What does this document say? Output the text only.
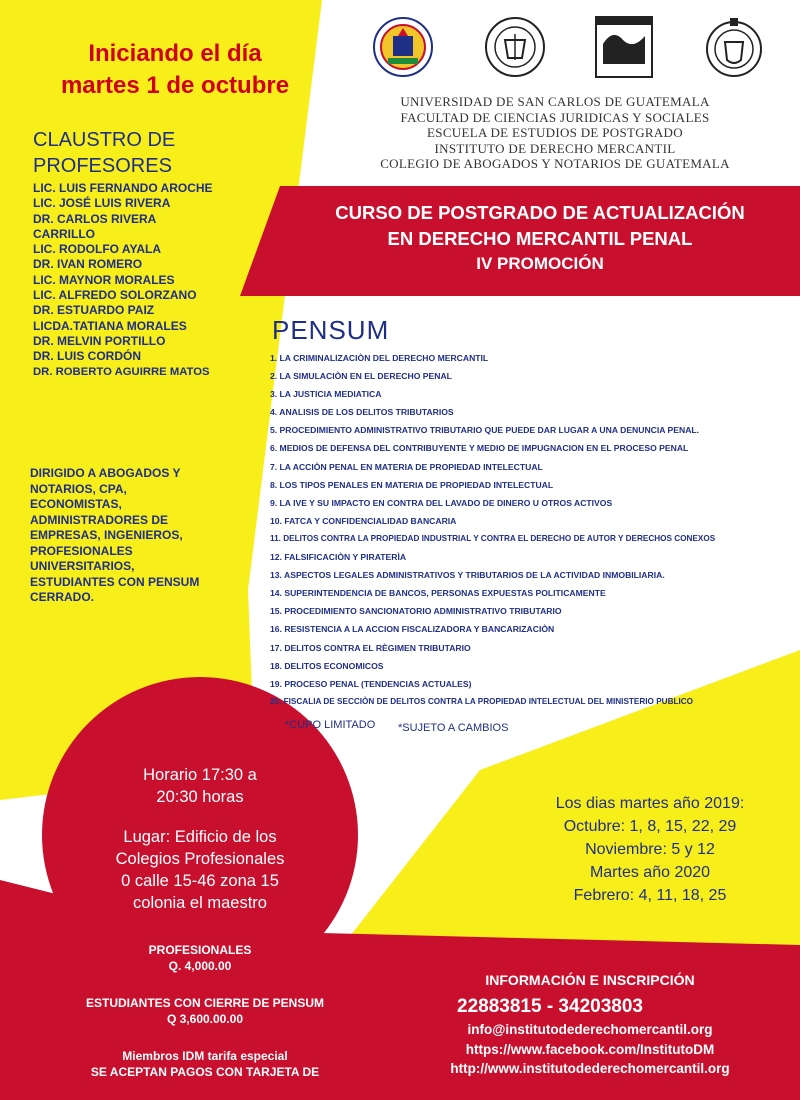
Iniciando el día
martes 1 de octubre
UNIVERSIDAD DE SAN CARLOS DE GUATEMALA
FACULTAD DE CIENCIAS JURIDICAS Y SOCIALES
ESCUELA DE ESTUDIOS DE POSTGRADO
INSTITUTO DE DERECHO MERCANTIL
COLEGIO DE ABOGADOS Y NOTARIOS DE GUATEMALA
CURSO DE POSTGRADO DE ACTUALIZACIÓN
EN DERECHO MERCANTIL PENAL
IV PROMOCIÓN
CLAUSTRO DE
PROFESORES
LIC. LUIS FERNANDO AROCHE
LIC. JOSÉ LUIS RIVERA
DR. CARLOS RIVERA
CARRILLO
LIC. RODOLFO AYALA
DR. IVAN ROMERO
LIC. MAYNOR MORALES
LIC. ALFREDO SOLORZANO
DR. ESTUARDO PAIZ
LICDA.TATIANA MORALES
DR. MELVIN PORTILLO
DR. LUIS CORDÓN
DR. ROBERTO AGUIRRE MATOS
DIRIGIDO A ABOGADOS Y
NOTARIOS, CPA,
ECONOMISTAS,
ADMINISTRADORES DE
EMPRESAS, INGENIEROS,
PROFESIONALES
UNIVERSITARIOS,
ESTUDIANTES CON PENSUM
CERRADO.
PENSUM
1. LA CRIMINALIZACIÒN DEL DERECHO MERCANTIL
2. LA SIMULACIÒN EN EL DERECHO PENAL
3. LA JUSTICIA MEDIATICA
4. ANALISIS DE LOS DELITOS TRIBUTARIOS
5. PROCEDIMIENTO ADMINISTRATIVO TRIBUTARIO QUE PUEDE DAR LUGAR A UNA DENUNCIA PENAL.
6. MEDIOS DE DEFENSA DEL CONTRIBUYENTE Y MEDIO DE IMPUGNACION EN EL PROCESO PENAL
7. LA ACCIÒN PENAL EN MATERIA DE PROPIEDAD INTELECTUAL
8. LOS TIPOS PENALES EN MATERIA DE PROPIEDAD INTELECTUAL
9. LA IVE Y SU IMPACTO EN CONTRA DEL LAVADO DE DINERO U OTROS ACTIVOS
10. FATCA Y CONFIDENCIALIDAD BANCARIA
11. DELITOS CONTRA LA PROPIEDAD INDUSTRIAL Y CONTRA EL DERECHO DE AUTOR Y DERECHOS CONEXOS
12. FALSIFICACIÒN Y PIRATERÌA
13. ASPECTOS LEGALES ADMINISTRATIVOS Y TRIBUTARIOS DE LA ACTIVIDAD INMOBILIARIA.
14. SUPERINTENDENCIA DE BANCOS, PERSONAS EXPUESTAS POLITICAMENTE
15. PROCEDIMIENTO SANCIONATORIO ADMINISTRATIVO TRIBUTARIO
16. RESISTENCIA A LA ACCION FISCALIZADORA Y BANCARIZACIÒN
17. DELITOS CONTRA EL RÈGIMEN TRIBUTARIO
18. DELITOS ECONOMICOS
19. PROCESO PENAL (TENDENCIAS ACTUALES)
20. FISCALIA DE SECCIÒN DE DELITOS CONTRA LA PROPIEDAD INTELECTUAL DEL MINISTERIO PUBLICO
*CUPO LIMITADO *SUJETO A CAMBIOS
Horario 17:30 a
20:30 horas
Lugar: Edificio de los
Colegios Profesionales
0 calle 15-46 zona 15
colonia el maestro
Los dias martes año 2019:
Octubre: 1, 8, 15, 22, 29
Noviembre: 5 y 12
Martes año 2020
Febrero: 4, 11, 18, 25
PROFESIONALES
Q. 4,000.00
ESTUDIANTES CON CIERRE DE PENSUM
Q 3,600.00.00
Miembros IDM tarifa especial
SE ACEPTAN PAGOS CON TARJETA DE
INFORMACIÓN E INSCRIPCIÓN
22883815 - 34203803
info@institutodederechomercantil.org
https://www.facebook.com/InstitutoDM
http://www.institutodederechomercantil.org
